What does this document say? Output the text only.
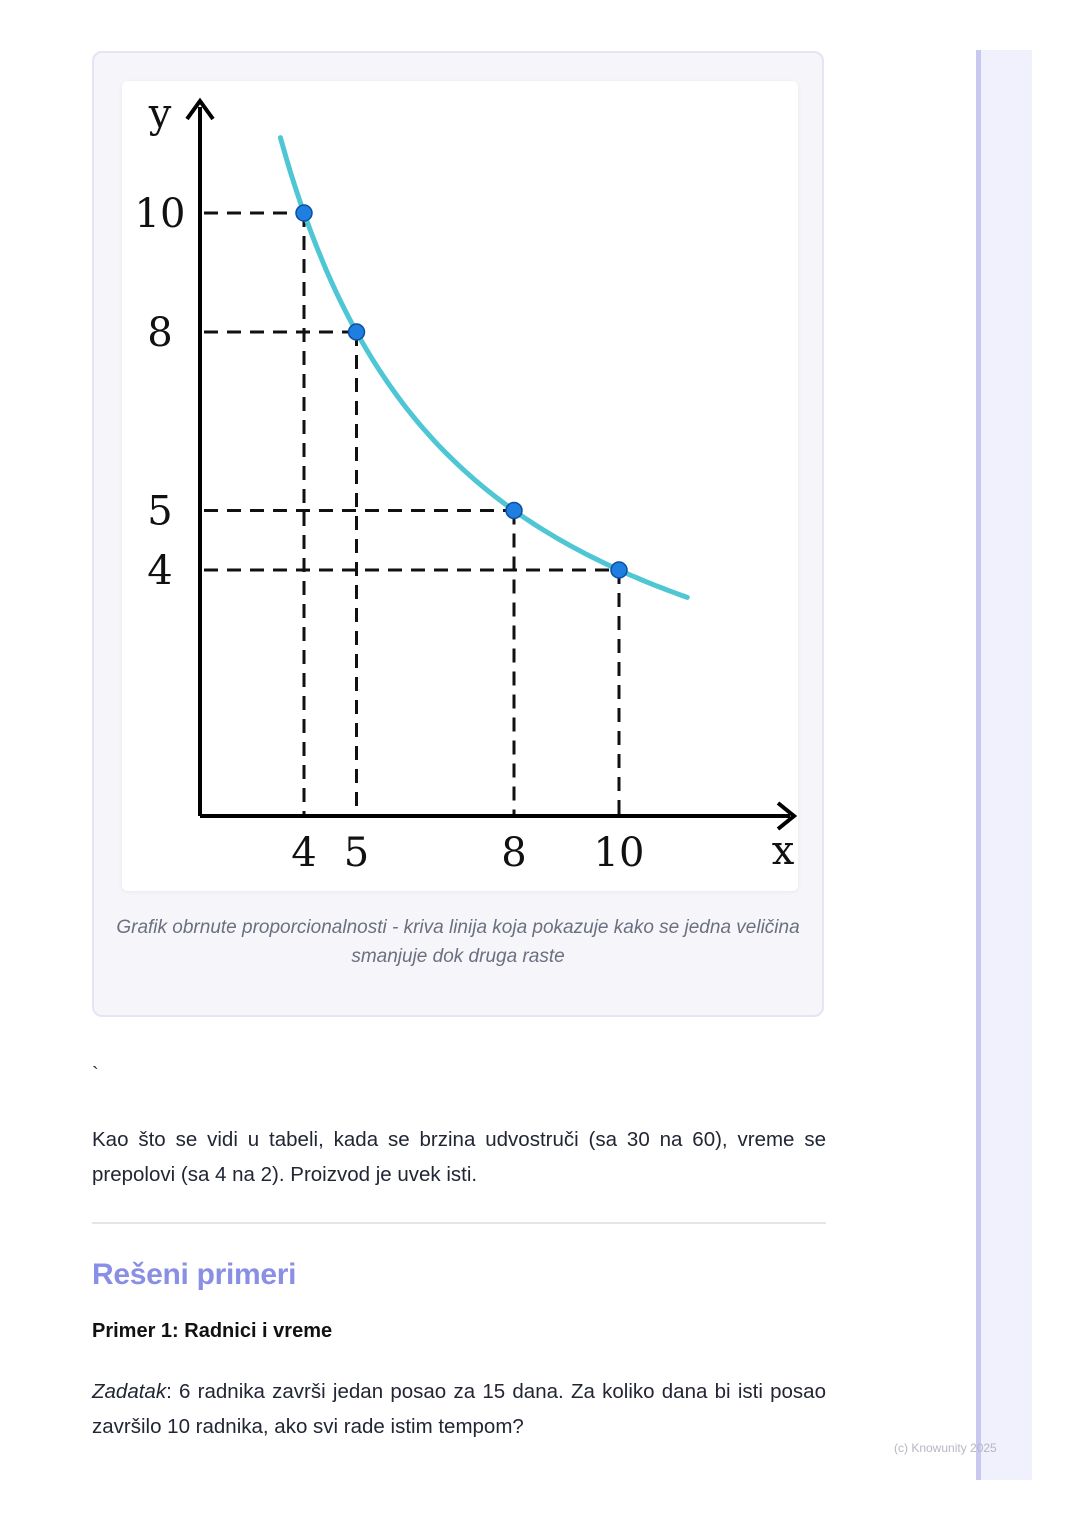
y
x
10
8
5
4
4 5	8 10
Grafik obrnute proporcionalnosti - kriva linija koja pokazuje kako se jedna veličina smanjuje dok druga raste
`
Kao što se vidi u tabeli, kada se brzina udvostruči (sa 30 na 60), vreme se prepolovi (sa 4 na 2). Proizvod je uvek isti.
Rešeni primeri
Primer 1: Radnici i vreme
Zadatak: 6 radnika završi jedan posao za 15 dana. Za koliko dana bi isti posao završilo 10 radnika, ako svi rade istim tempom?
(c) Knowunity 2025
